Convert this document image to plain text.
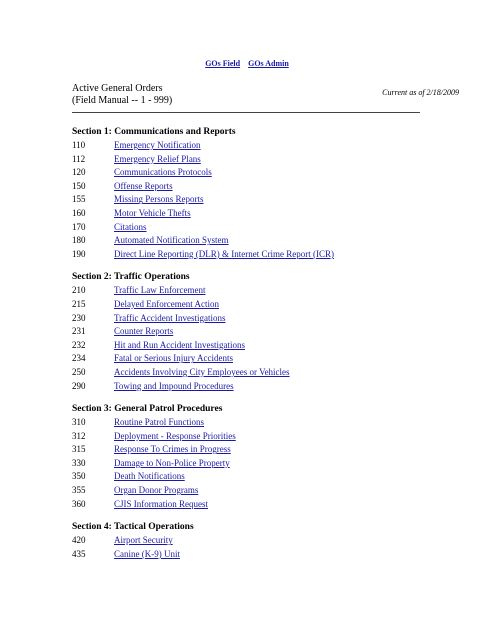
GOs Field GOs Admin
Active General Orders
(Field Manual -- 1 - 999)
Current as of 2/18/2009
Section 1: Communications and Reports
110	Emergency Notification
112	Emergency Relief Plans
120	Communications Protocols
150	Offense Reports
155	Missing Persons Reports
160	Motor Vehicle Thefts
170	Citations
180	Automated Notification System
190	Direct Line Reporting (DLR) & Internet Crime Report (ICR)
Section 2: Traffic Operations
210	Traffic Law Enforcement
215	Delayed Enforcement Action
230	Traffic Accident Investigations
231	Counter Reports
232	Hit and Run Accident Investigations
234	Fatal or Serious Injury Accidents
250	Accidents Involving City Employees or Vehicles
290	Towing and Impound Procedures
Section 3: General Patrol Procedures
310	Routine Patrol Functions
312	Deployment - Response Priorities
315	Response To Crimes in Progress
330	Damage to Non-Police Property
350	Death Notifications
355	Organ Donor Programs
360	CJIS Information Request
Section 4: Tactical Operations
420	Airport Security
435	Canine (K-9) Unit
